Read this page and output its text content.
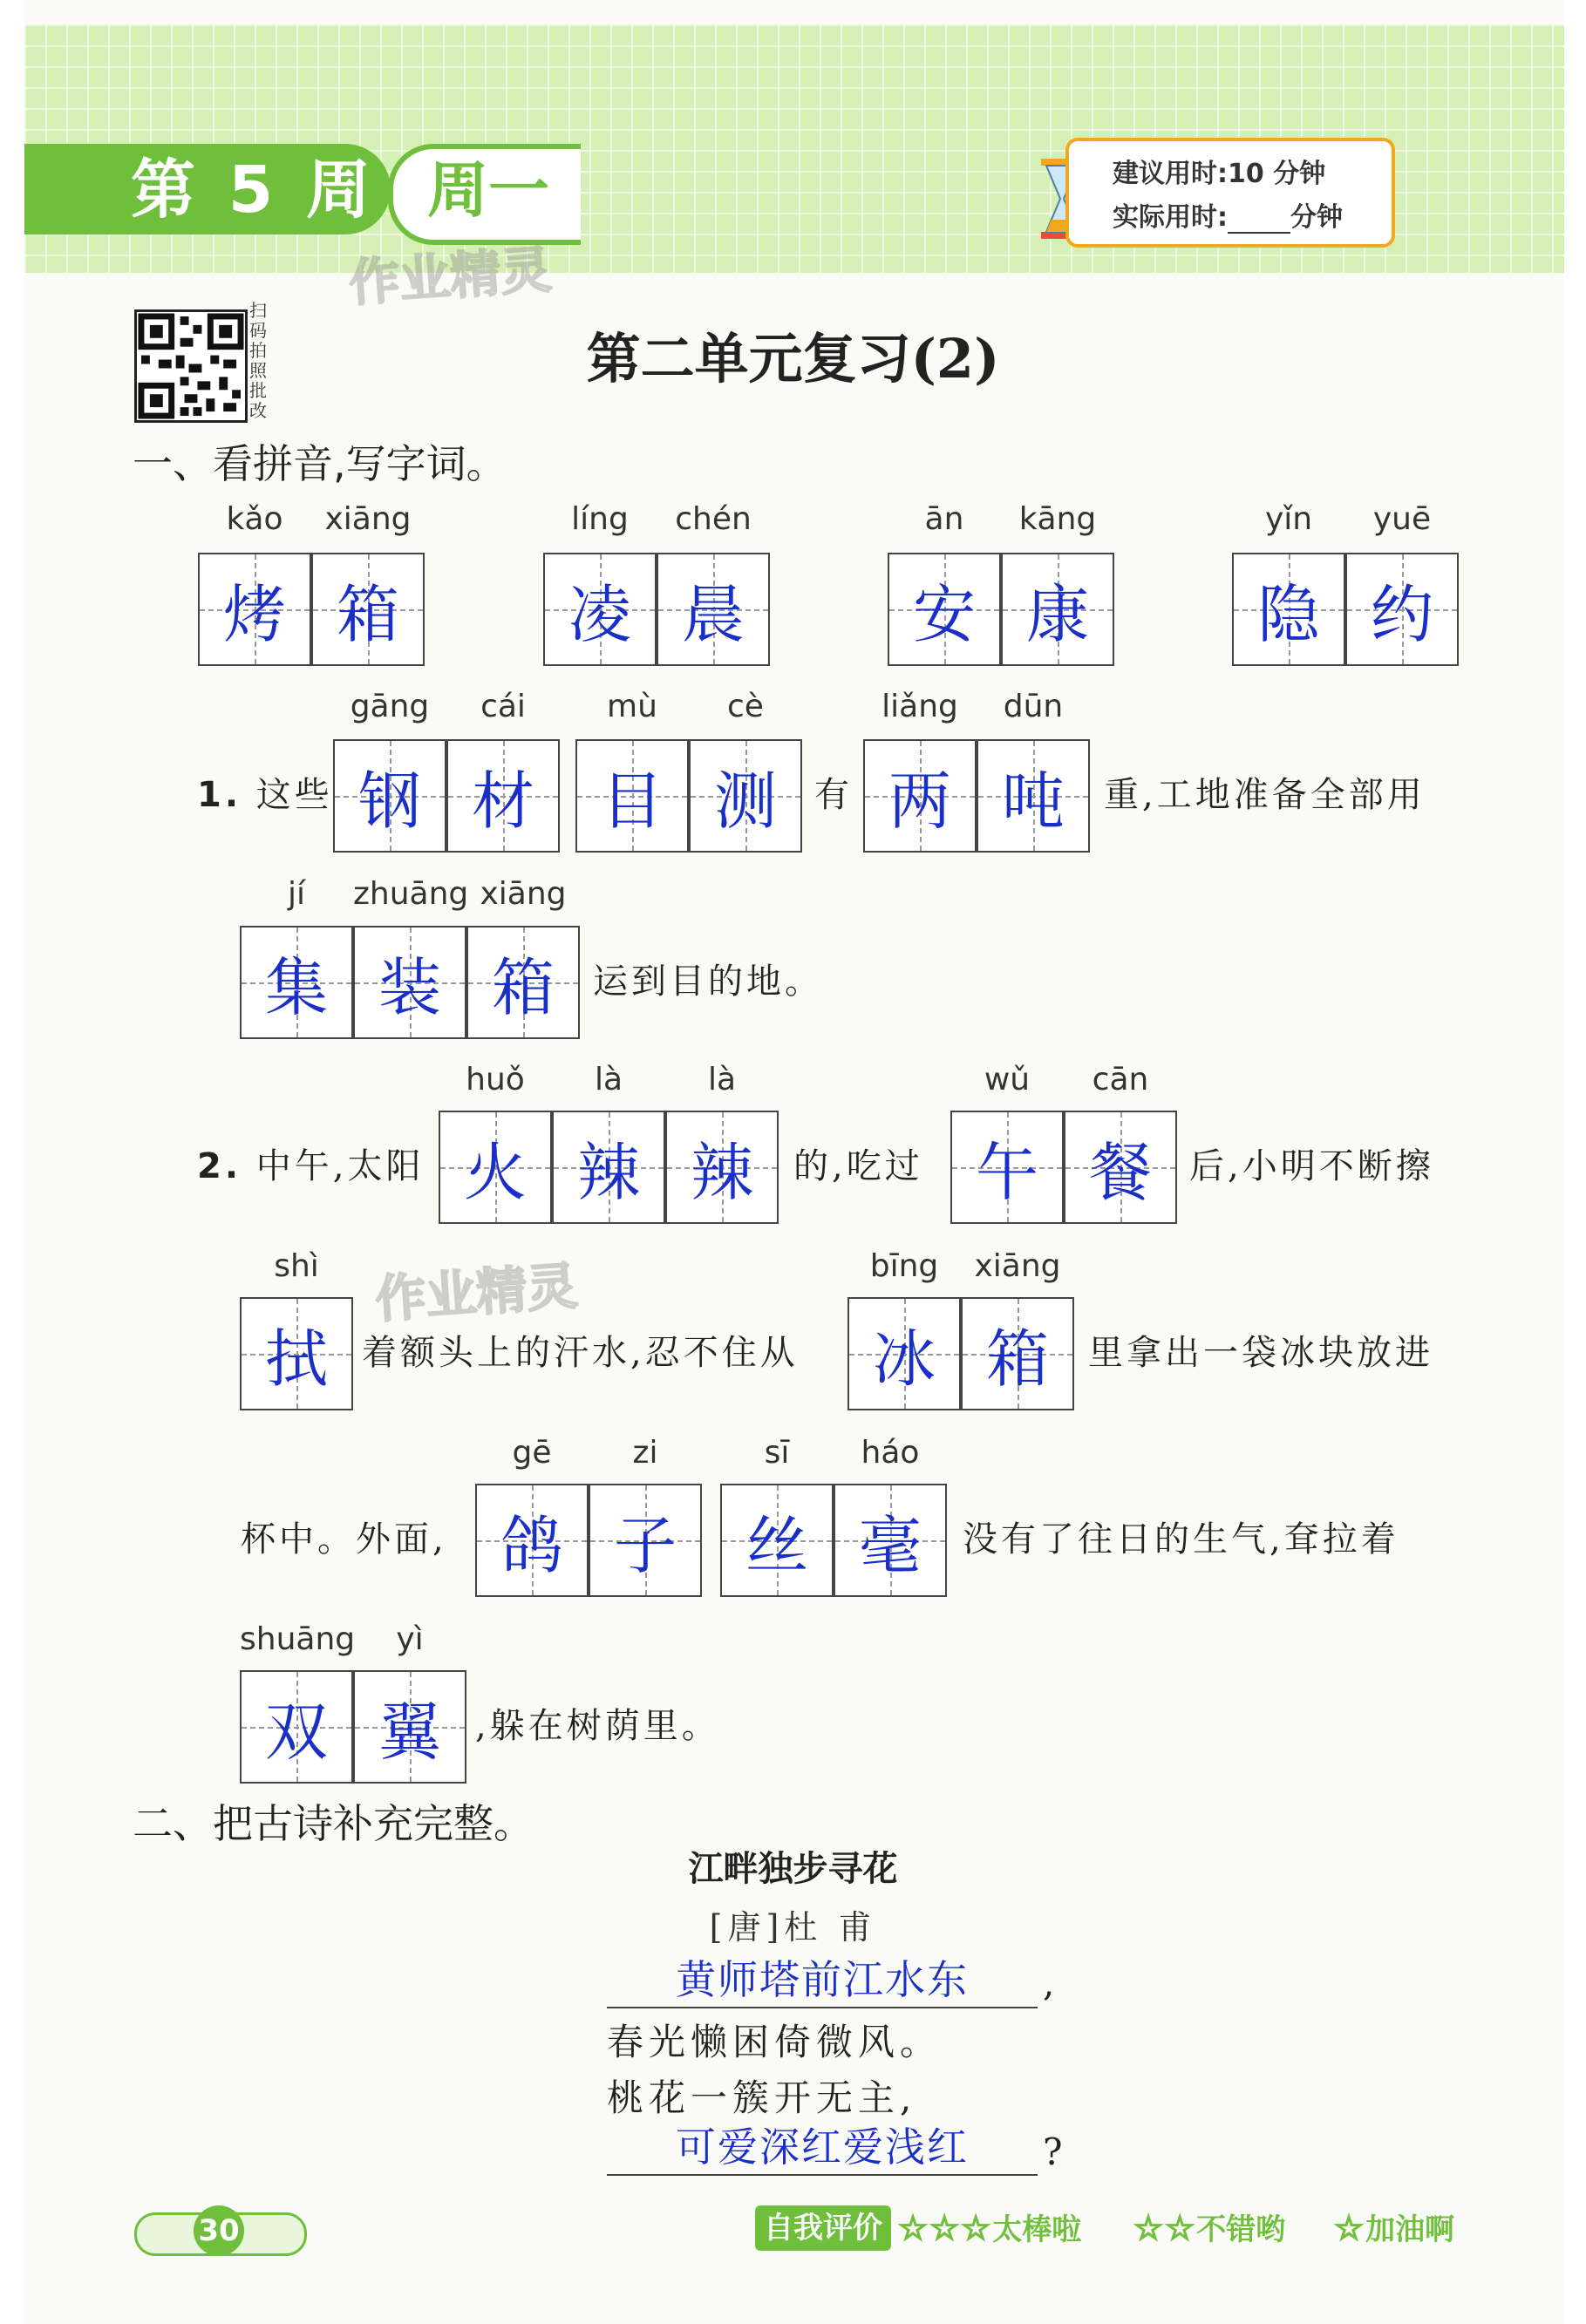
第 5 周 周一
作业精灵
建议用时:10 分钟
实际用时: 分钟
扫
码
拍
照
批
改
第二单元复习(2)
一、看拼音,写字词。
kǎo	xiāng
烤 箱
líng	chén
凌 晨
ān	kāng
安 康
yǐn	yuē
隐 约
1. 这些
gāng	cái
钢 材
mù	cè
目 测	有
liǎng	dūn
两 吨	重,工地准备全部用
jí	zhuāng xiāng
集 装 箱	运到目的地。
2. 中午,太阳
huǒ	là	là
火 辣 辣	的,吃过
wǔ	cān
午 餐	后,小明不断擦
作业精灵
shì
拭 着额头上的汗水,忍不住从
bīng	xiāng
冰 箱	里拿出一袋冰块放进
杯中。外面,
gē	zi
鸽 子
sī	háo
丝 毫	没有了往日的生气,耷拉着
shuāng	yì
双 翼 ,躲在树荫里。
二、把古诗补充完整。
江畔独步寻花
[唐]杜 甫
黄师塔前江水东	,
春光懒困倚微风。
桃花一簇开无主,
可爱深红爱浅红	?
30	自我评价 ☆☆☆太棒啦 ☆☆不错哟 ☆加油啊
